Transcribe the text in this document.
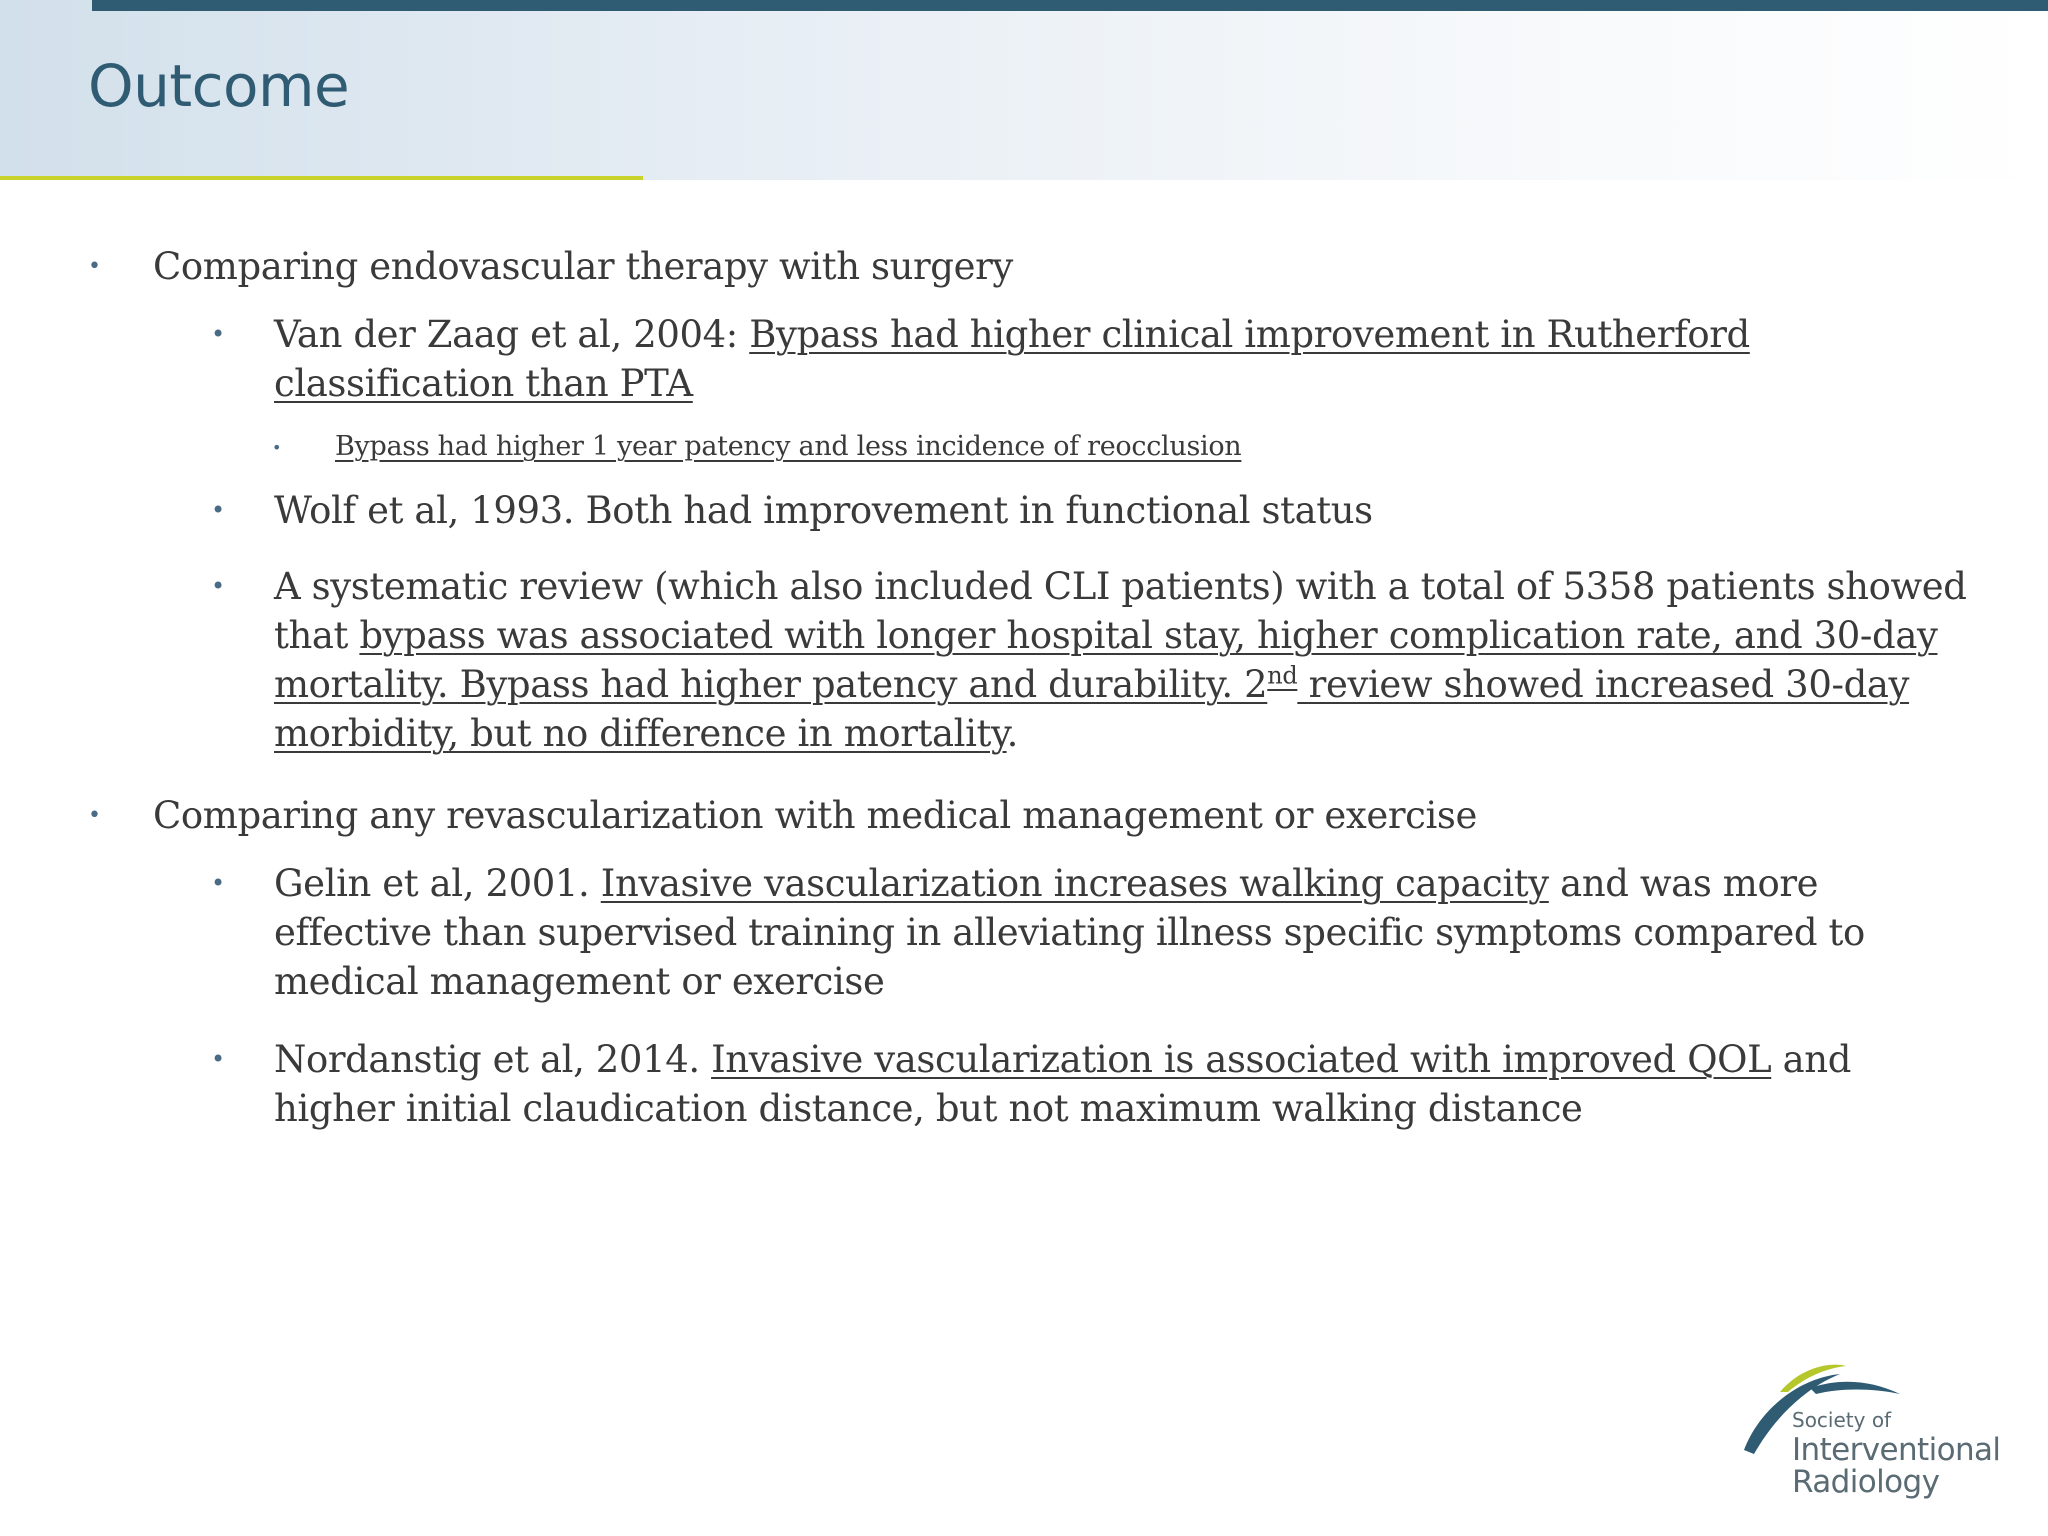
Outcome
• Comparing endovascular therapy with surgery
• Van der Zaag et al, 2004: Bypass had higher clinical improvement in Rutherford classification than PTA
• Bypass had higher 1 year patency and less incidence of reocclusion
• Wolf et al, 1993. Both had improvement in functional status
• A systematic review (which also included CLI patients) with a total of 5358 patients showed that bypass was associated with longer hospital stay, higher complication rate, and 30-day mortality. Bypass had higher patency and durability. 2nd review showed increased 30-day morbidity, but no difference in mortality.
• Comparing any revascularization with medical management or exercise
• Gelin et al, 2001. Invasive vascularization increases walking capacity and was more effective than supervised training in alleviating illness specific symptoms compared to medical management or exercise
• Nordanstig et al, 2014. Invasive vascularization is associated with improved QOL and higher initial claudication distance, but not maximum walking distance
Society of
Interventional
Radiology
